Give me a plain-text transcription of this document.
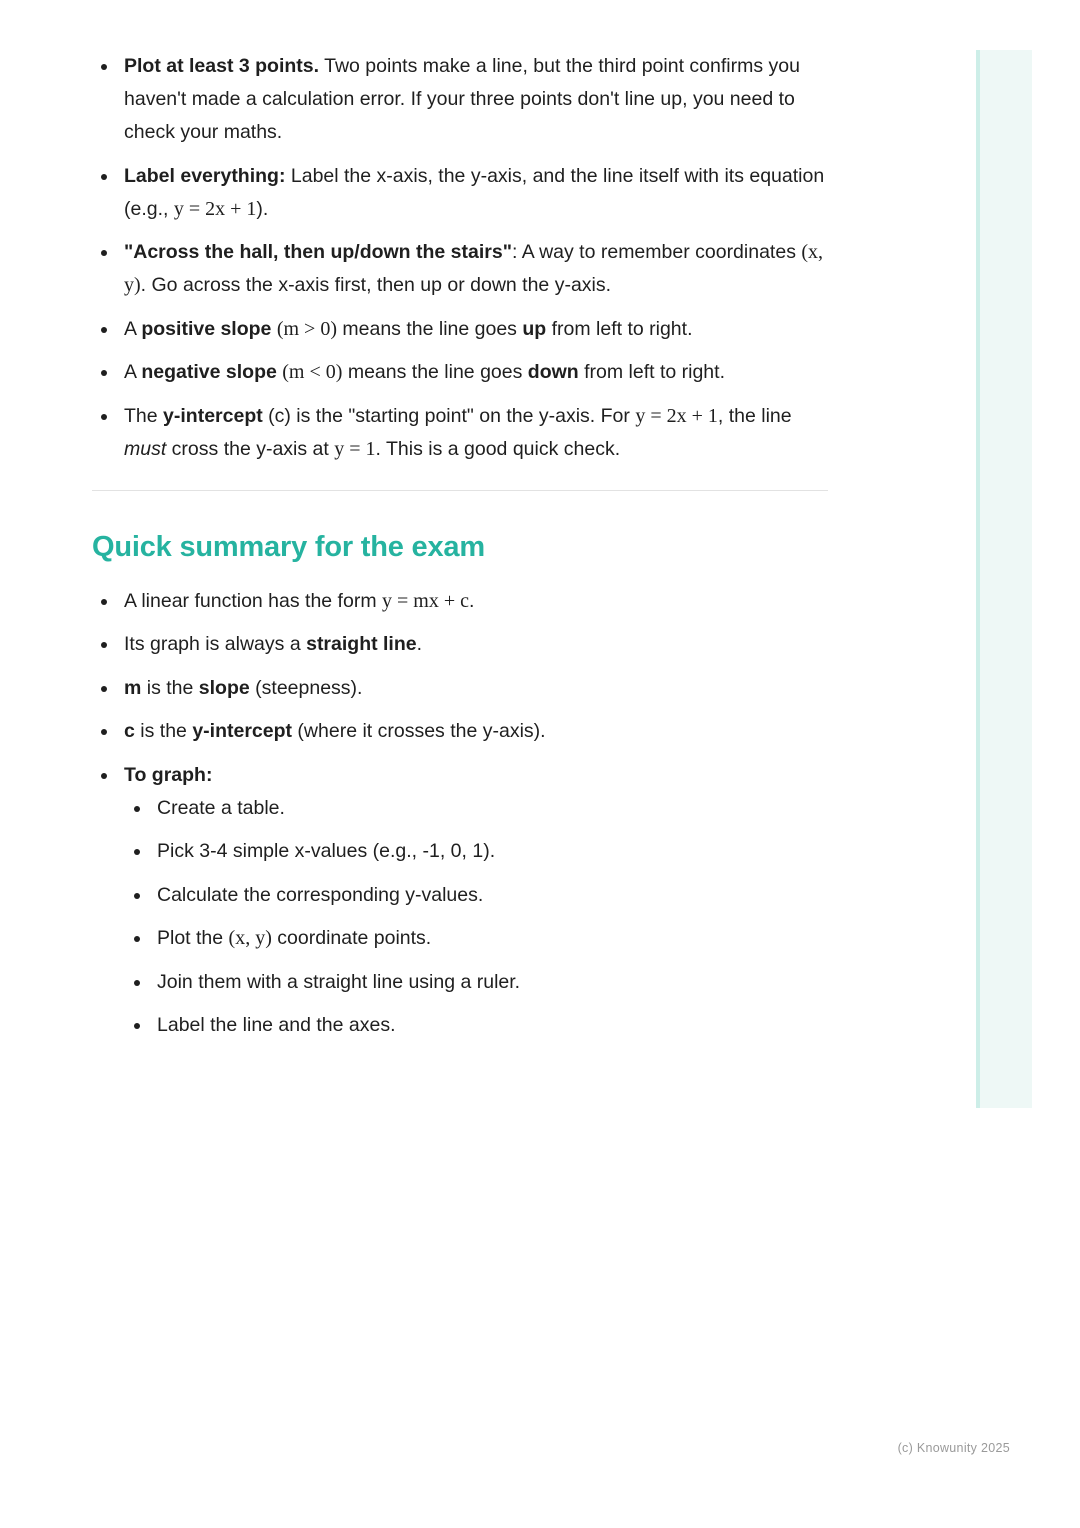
Plot at least 3 points. Two points make a line, but the third point confirms you haven't made a calculation error. If your three points don't line up, you need to check your maths.
Label everything: Label the x-axis, the y-axis, and the line itself with its equation (e.g., y = 2x + 1).
"Across the hall, then up/down the stairs": A way to remember coordinates (x, y). Go across the x-axis first, then up or down the y-axis.
A positive slope (m > 0) means the line goes up from left to right.
A negative slope (m < 0) means the line goes down from left to right.
The y-intercept (c) is the "starting point" on the y-axis. For y = 2x + 1, the line must cross the y-axis at y = 1. This is a good quick check.
Quick summary for the exam
A linear function has the form y = mx + c.
Its graph is always a straight line.
m is the slope (steepness).
c is the y-intercept (where it crosses the y-axis).
To graph:
Create a table.
Pick 3-4 simple x-values (e.g., -1, 0, 1).
Calculate the corresponding y-values.
Plot the (x, y) coordinate points.
Join them with a straight line using a ruler.
Label the line and the axes.
(c) Knowunity 2025
